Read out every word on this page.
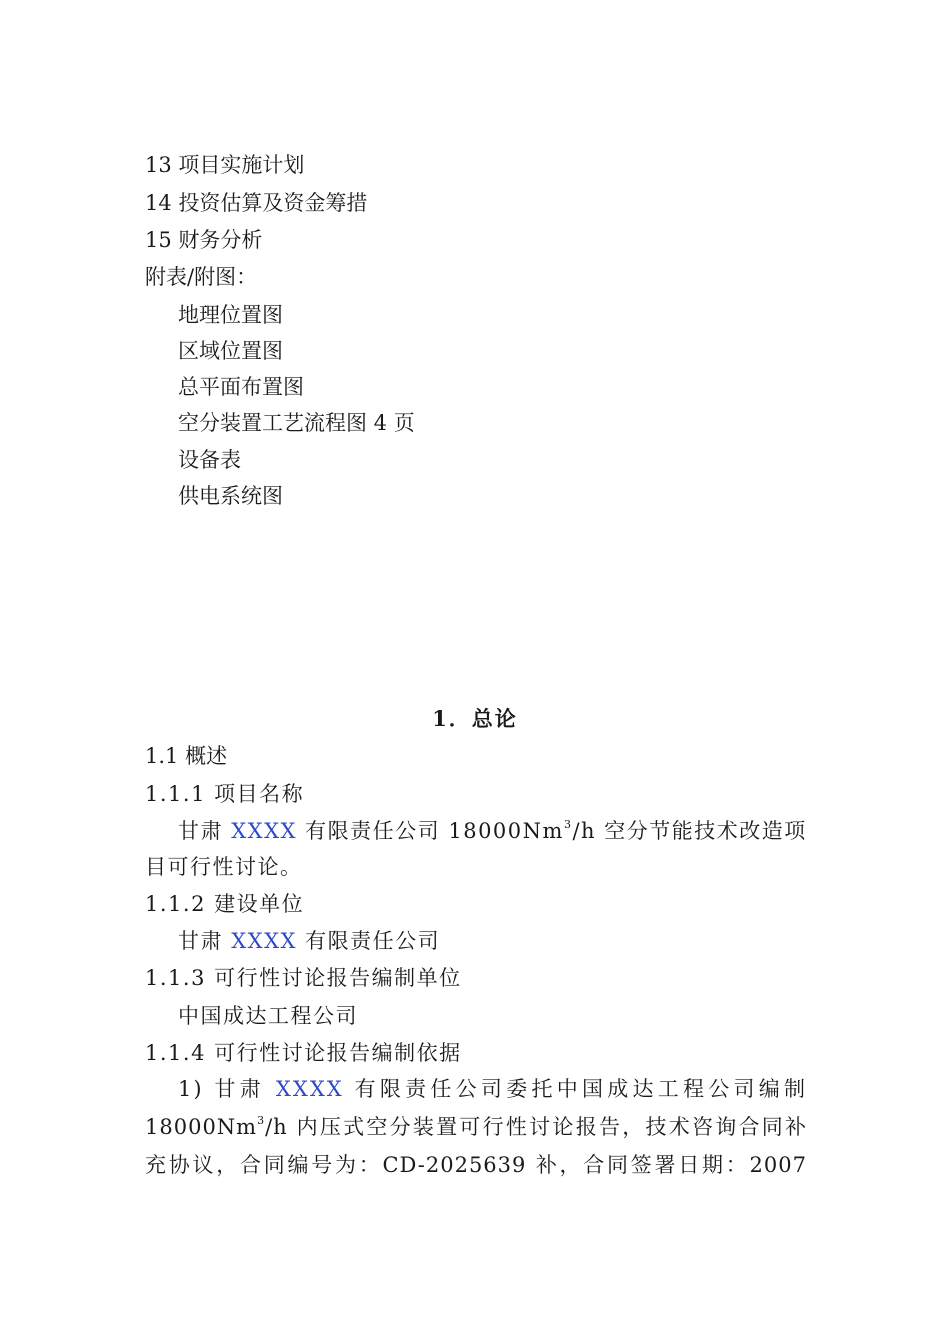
13 项目实施计划
14 投资估算及资金筹措
15 财务分析
附表/附图：
地理位置图
区域位置图
总平面布置图
空分装置工艺流程图 4 页
设备表
供电系统图
1．总论
1.1 概述
1.1.1 项目名称
甘肃 XXXX 有限责任公司 18000Nm$^3$/h 空分节能技术改造项
目可行性讨论。
1.1.2 建设单位
甘肃 XXXX 有限责任公司
1.1.3 可行性讨论报告编制单位
中国成达工程公司
1.1.4 可行性讨论报告编制依据
1) 甘肃 XXXX 有限责任公司委托中国成达工程公司编制
18000Nm$^3$/h 内压式空分装置可行性讨论报告，技术咨询合同补
充协议，合同编号为：CD-2025639 补，合同签署日期：2007
